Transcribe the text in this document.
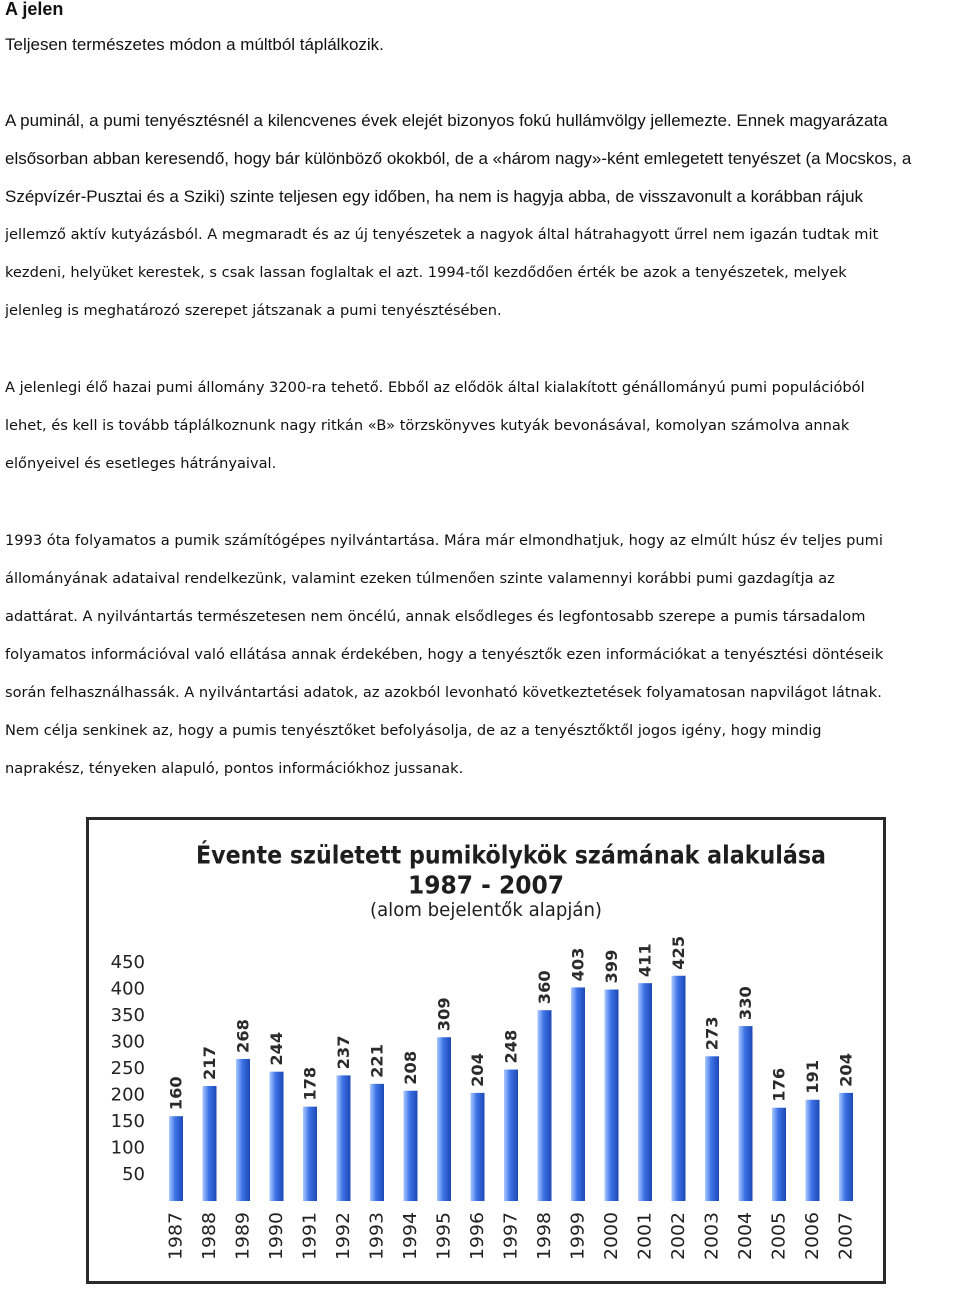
A jelen
Teljesen természetes módon a múltból táplálkozik.
A puminál, a pumi tenyésztésnél a kilencvenes évek elejét bizonyos fokú hullámvölgy jellemezte. Ennek magyarázata
elsősorban abban keresendő, hogy bár különböző okokból, de a «három nagy»-ként emlegetett tenyészet (a Mocskos, a
Szépvízér-Pusztai és a Sziki) szinte teljesen egy időben, ha nem is hagyja abba, de visszavonult a korábban rájuk
jellemző aktív kutyázásból. A megmaradt és az új tenyészetek a nagyok által hátrahagyott űrrel nem igazán tudtak mit
kezdeni, helyüket kerestek, s csak lassan foglaltak el azt. 1994-től kezdődően érték be azok a tenyészetek, melyek
jelenleg is meghatározó szerepet játszanak a pumi tenyésztésében.
A jelenlegi élő hazai pumi állomány 3200-ra tehető. Ebből az elődök által kialakított génállományú pumi populációból
lehet, és kell is tovább táplálkoznunk nagy ritkán «B» törzskönyves kutyák bevonásával, komolyan számolva annak
előnyeivel és esetleges hátrányaival.
1993 óta folyamatos a pumik számítógépes nyilvántartása. Mára már elmondhatjuk, hogy az elmúlt húsz év teljes pumi
állományának adataival rendelkezünk, valamint ezeken túlmenően szinte valamennyi korábbi pumi gazdagítja az
adattárat. A nyilvántartás természetesen nem öncélú, annak elsődleges és legfontosabb szerepe a pumis társadalom
folyamatos információval való ellátása annak érdekében, hogy a tenyésztők ezen információkat a tenyésztési döntéseik
során felhasználhassák. A nyilvántartási adatok, az azokból levonható következtetések folyamatosan napvilágot látnak.
Nem célja senkinek az, hogy a pumis tenyésztőket befolyásolja, de az a tenyésztőktől jogos igény, hogy mindig
naprakész, tényeken alapuló, pontos információkhoz jussanak.
Évente született pumikölykök számának alakulása
1987 - 2007
(alom bejelentők alapján)
450
400
350
300
250
200
150
100
50
160
1987
217
1988
268
1989
244
1990
178
1991
237
1992
221
1993
208
1994
309
1995
204
1996
248
1997
360
1998
403
1999
399
2000
411
2001
425
2002
273
2003
330
2004
176
2005
191
2006
204
2007
